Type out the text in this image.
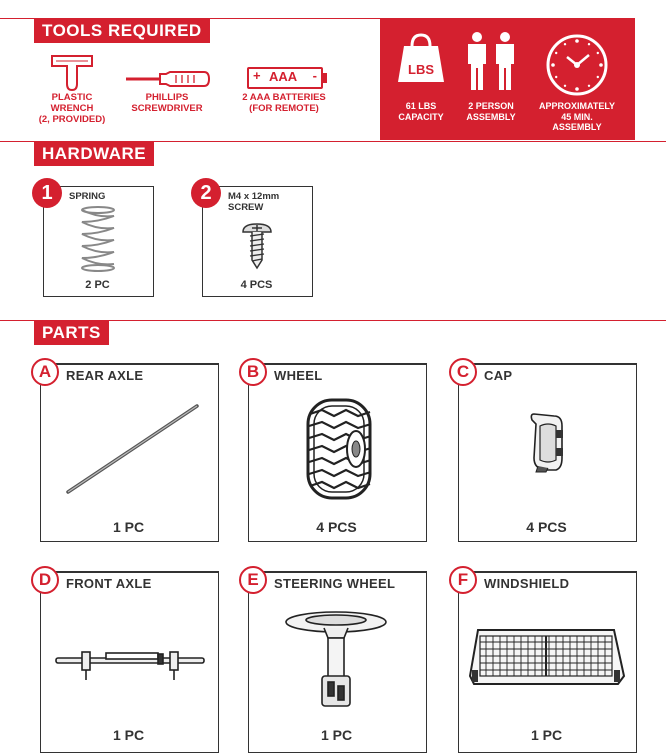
TOOLS REQUIRED
PLASTIC
WRENCH
(2, PROVIDED)
PHILLIPS
SCREWDRIVER
+ AAA -
2 AAA BATTERIES
(FOR REMOTE)
LBS
61 LBS
CAPACITY
2 PERSON
ASSEMBLY
APPROXIMATELY
45 MIN.
ASSEMBLY
HARDWARE
1	SPRING
2 PC
2	M4 x 12mm
SCREW
4 PCS
PARTS
A	REAR AXLE
1 PC
B	WHEEL
4 PCS
C	CAP
4 PCS
D	FRONT AXLE
1 PC
E	STEERING WHEEL
1 PC
F	WINDSHIELD
1 PC
